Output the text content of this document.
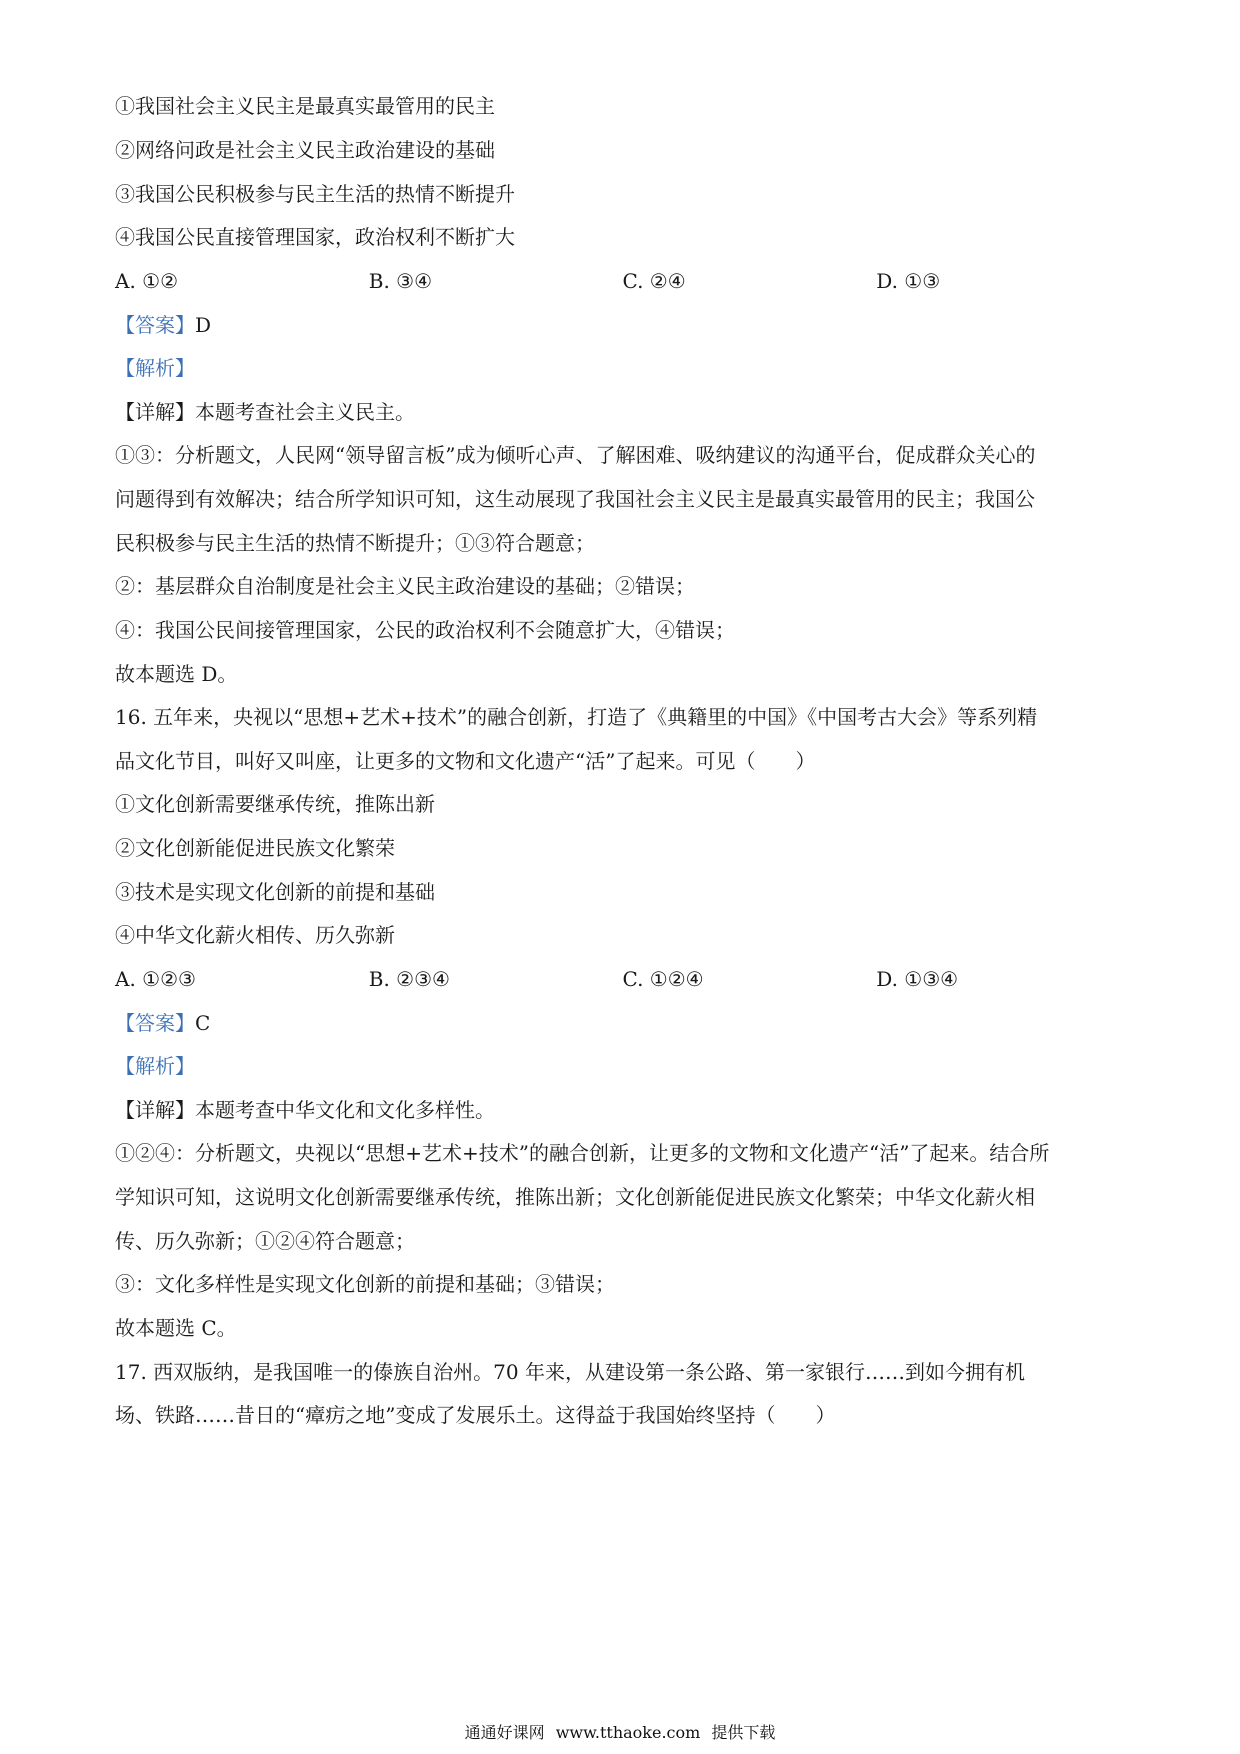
①我国社会主义民主是最真实最管用的民主
②网络问政是社会主义民主政治建设的基础
③我国公民积极参与民主生活的热情不断提升
④我国公民直接管理国家，政治权利不断扩大
A. ①②	B. ③④	C. ②④	D. ①③
【答案】D
【解析】
【详解】本题考查社会主义民主。
①③：分析题文，人民网“领导留言板”成为倾听心声、了解困难、吸纳建议的沟通平台，促成群众关心的
问题得到有效解决；结合所学知识可知，这生动展现了我国社会主义民主是最真实最管用的民主；我国公
民积极参与民主生活的热情不断提升；①③符合题意；
②：基层群众自治制度是社会主义民主政治建设的基础；②错误；
④：我国公民间接管理国家，公民的政治权利不会随意扩大，④错误；
故本题选 D。
16. 五年来，央视以“思想+艺术+技术”的融合创新，打造了《典籍里的中国》《中国考古大会》等系列精
品文化节目，叫好又叫座，让更多的文物和文化遗产“活”了起来。可见（　　）
①文化创新需要继承传统，推陈出新
②文化创新能促进民族文化繁荣
③技术是实现文化创新的前提和基础
④中华文化薪火相传、历久弥新
A. ①②③	B. ②③④	C. ①②④	D. ①③④
【答案】C
【解析】
【详解】本题考查中华文化和文化多样性。
①②④：分析题文，央视以“思想+艺术+技术”的融合创新，让更多的文物和文化遗产“活”了起来。结合所
学知识可知，这说明文化创新需要继承传统，推陈出新；文化创新能促进民族文化繁荣；中华文化薪火相
传、历久弥新；①②④符合题意；
③：文化多样性是实现文化创新的前提和基础；③错误；
故本题选 C。
17. 西双版纳，是我国唯一的傣族自治州。70 年来，从建设第一条公路、第一家银行……到如今拥有机
场、铁路……昔日的“瘴疠之地”变成了发展乐土。这得益于我国始终坚持（　　）
通通好课网 www.tthaoke.com 提供下载
